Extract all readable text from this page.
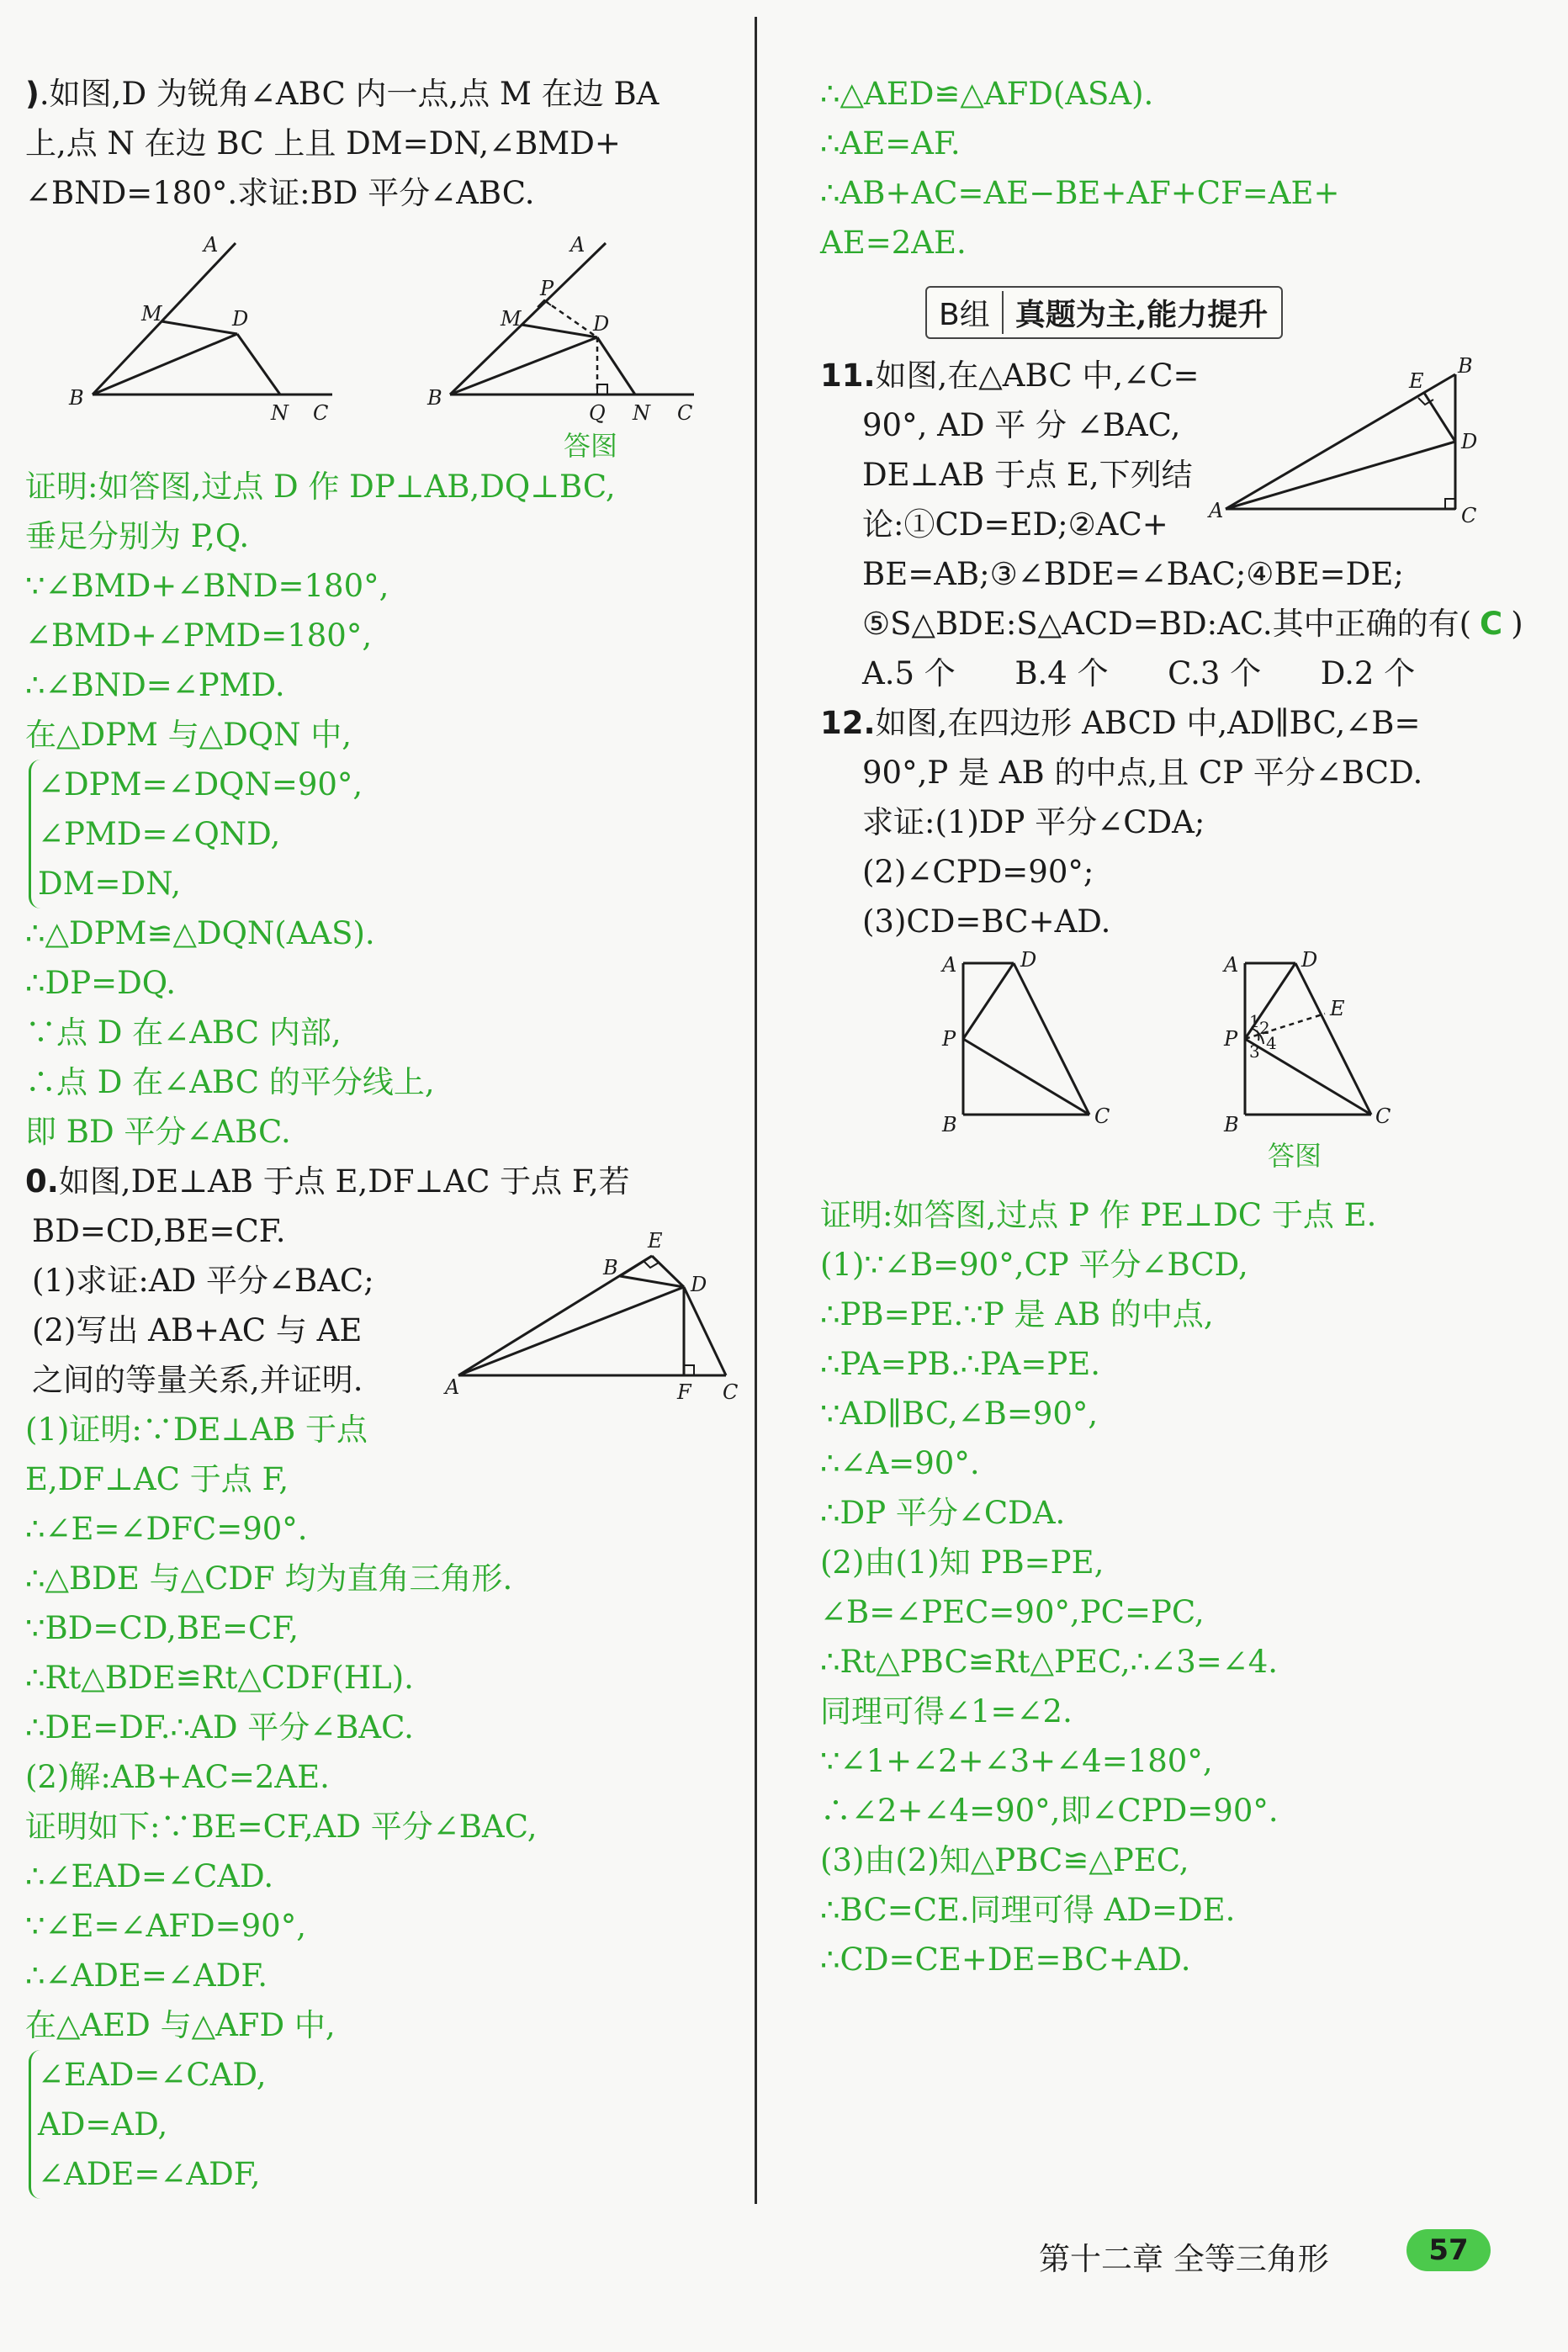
).如图,D 为锐角∠ABC 内一点,点 M 在边 BA
上,点 N 在边 BC 上且 DM=DN,∠BMD+
∠BND=180°.求证:BD 平分∠ABC.
A
M	D
B
N C
A
P
M	D
B
Q N C
答图
证明:如答图,过点 D 作 DP⊥AB,DQ⊥BC,
垂足分别为 P,Q.
∵∠BMD+∠BND=180°,
∠BMD+∠PMD=180°,
∴∠BND=∠PMD.
在△DPM 与△DQN 中,
∠DPM=∠DQN=90°,
∠PMD=∠QND,
DM=DN,
∴△DPM≌△DQN(AAS).
∴DP=DQ.
∵点 D 在∠ABC 内部,
∴点 D 在∠ABC 的平分线上,
即 BD 平分∠ABC.
0.如图,DE⊥AB 于点 E,DF⊥AC 于点 F,若
BD=CD,BE=CF.
(1)求证:AD 平分∠BAC;
(2)写出 AB+AC 与 AE
之间的等量关系,并证明.	A
B
E
D
F C
(1)证明:∵DE⊥AB 于点
E,DF⊥AC 于点 F,
∴∠E=∠DFC=90°.
∴△BDE 与△CDF 均为直角三角形.
∵BD=CD,BE=CF,
∴Rt△BDE≌Rt△CDF(HL).
∴DE=DF.∴AD 平分∠BAC.
(2)解:AB+AC=2AE.
证明如下:∵BE=CF,AD 平分∠BAC,
∴∠EAD=∠CAD.
∵∠E=∠AFD=90°,
∴∠ADE=∠ADF.
在△AED 与△AFD 中,
∠EAD=∠CAD,
AD=AD,
∠ADE=∠ADF,
∴△AED≌△AFD(ASA).
∴AE=AF.
∴AB+AC=AE−BE+AF+CF=AE+
AE=2AE.
B组 真题为主,能力提升
11.如图,在△ABC 中,∠C=
90°, AD 平 分 ∠BAC,
DE⊥AB 于点 E,下列结
论:①CD=ED;②AC+
BE=AB;③∠BDE=∠BAC;④BE=DE;
⑤S△BDE:S△ACD=BD:AC.其中正确的有( C )
A.5 个      B.4 个      C.3 个      D.2 个
A
B
E
D
C
12.如图,在四边形 ABCD 中,AD∥BC,∠B=
90°,P 是 AB 的中点,且 CP 平分∠BCD.
求证:(1)DP 平分∠CDA;
(2)∠CPD=90°;
(3)CD=BC+AD.
A	D
P
B	C
A	D
E
P
B	C
1 2
3 4
答图
证明:如答图,过点 P 作 PE⊥DC 于点 E.
(1)∵∠B=90°,CP 平分∠BCD,
∴PB=PE.∵P 是 AB 的中点,
∴PA=PB.∴PA=PE.
∵AD∥BC,∠B=90°,
∴∠A=90°.
∴DP 平分∠CDA.
(2)由(1)知 PB=PE,
∠B=∠PEC=90°,PC=PC,
∴Rt△PBC≌Rt△PEC,∴∠3=∠4.
同理可得∠1=∠2.
∵∠1+∠2+∠3+∠4=180°,
∴∠2+∠4=90°,即∠CPD=90°.
(3)由(2)知△PBC≌△PEC,
∴BC=CE.同理可得 AD=DE.
∴CD=CE+DE=BC+AD.
第十二章 全等三角形	57
